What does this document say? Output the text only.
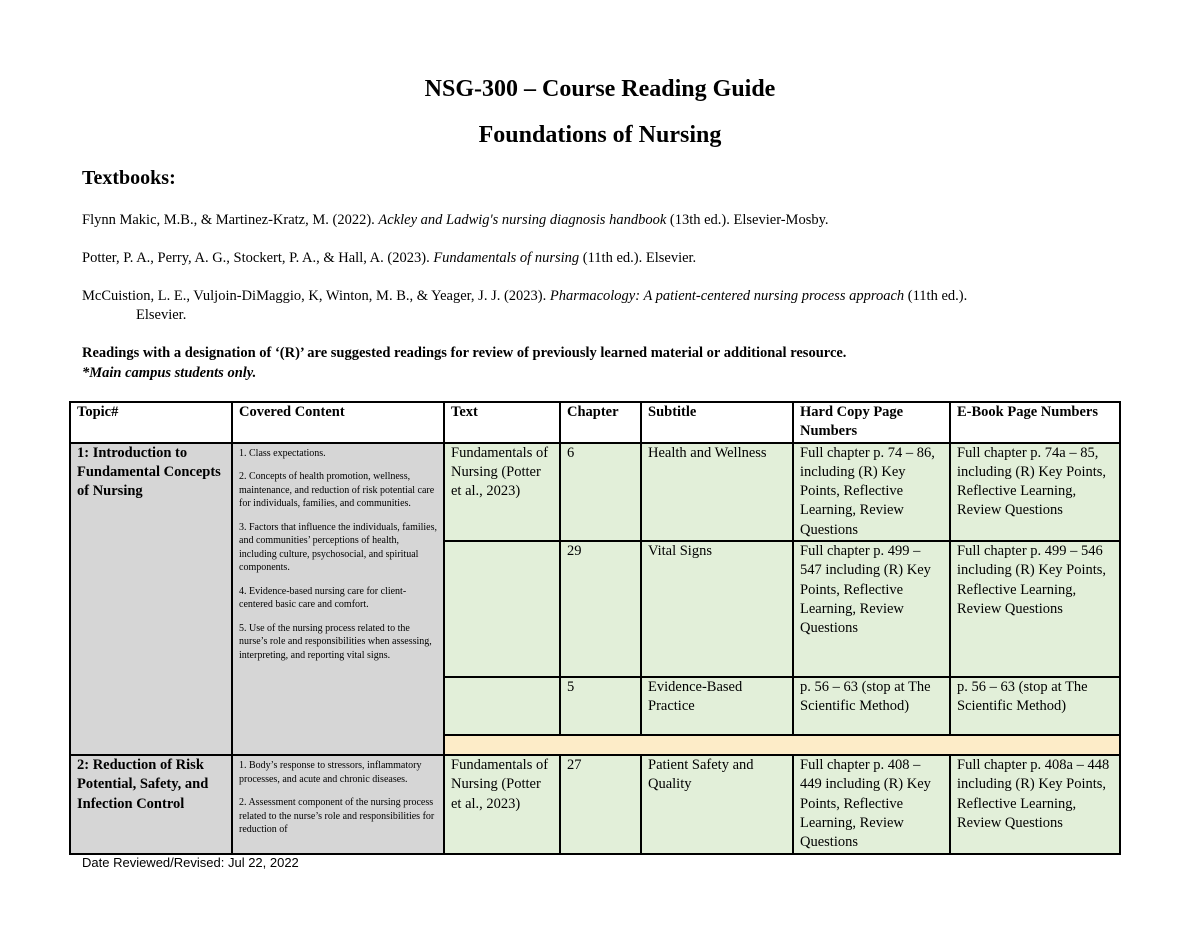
NSG-300 – Course Reading Guide
Foundations of Nursing
Textbooks:
Flynn Makic, M.B., & Martinez-Kratz, M. (2022). Ackley and Ladwig's nursing diagnosis handbook (13th ed.). Elsevier-Mosby.
Potter, P. A., Perry, A. G., Stockert, P. A., & Hall, A. (2023). Fundamentals of nursing (11th ed.). Elsevier.
McCuistion, L. E., Vuljoin-DiMaggio, K, Winton, M. B., & Yeager, J. J. (2023). Pharmacology: A patient-centered nursing process approach (11th ed.).
Elsevier.
Readings with a designation of ‘(R)’ are suggested readings for review of previously learned material or additional resource.
*Main campus students only.
Topic#	Covered Content	Text	Chapter	Subtitle	Hard Copy Page Numbers	E-Book Page Numbers
1: Introduction to Fundamental Concepts of Nursing	1. Class expectations.

2. Concepts of health promotion, wellness, maintenance, and reduction of risk potential care for individuals, families, and communities.

3. Factors that influence the individuals, families, and communities’ perceptions of health, including culture, psychosocial, and spiritual components.

4. Evidence-based nursing care for client-centered basic care and comfort.

5. Use of the nursing process related to the nurse’s role and responsibilities when assessing, interpreting, and reporting vital signs.	Fundamentals of Nursing (Potter et al., 2023)	6	Health and Wellness	Full chapter p. 74 – 86, including (R) Key Points, Reflective Learning, Review Questions	Full chapter p. 74a – 85, including (R) Key Points, Reflective Learning, Review Questions
			29	Vital Signs	Full chapter p. 499 – 547 including (R) Key Points, Reflective Learning, Review Questions	Full chapter p. 499 – 546 including (R) Key Points, Reflective Learning, Review Questions
			5	Evidence-Based Practice	p. 56 – 63 (stop at The Scientific Method)	p. 56 – 63 (stop at The Scientific Method)

2: Reduction of Risk Potential, Safety, and Infection Control	1. Body’s response to stressors, inflammatory processes, and acute and chronic diseases.

2. Assessment component of the nursing process related to the nurse’s role and responsibilities for reduction of	Fundamentals of Nursing (Potter et al., 2023)	27	Patient Safety and Quality	Full chapter p. 408 – 449 including (R) Key Points, Reflective Learning, Review Questions	Full chapter p. 408a – 448 including (R) Key Points, Reflective Learning, Review Questions
Date Reviewed/Revised: Jul 22, 2022
